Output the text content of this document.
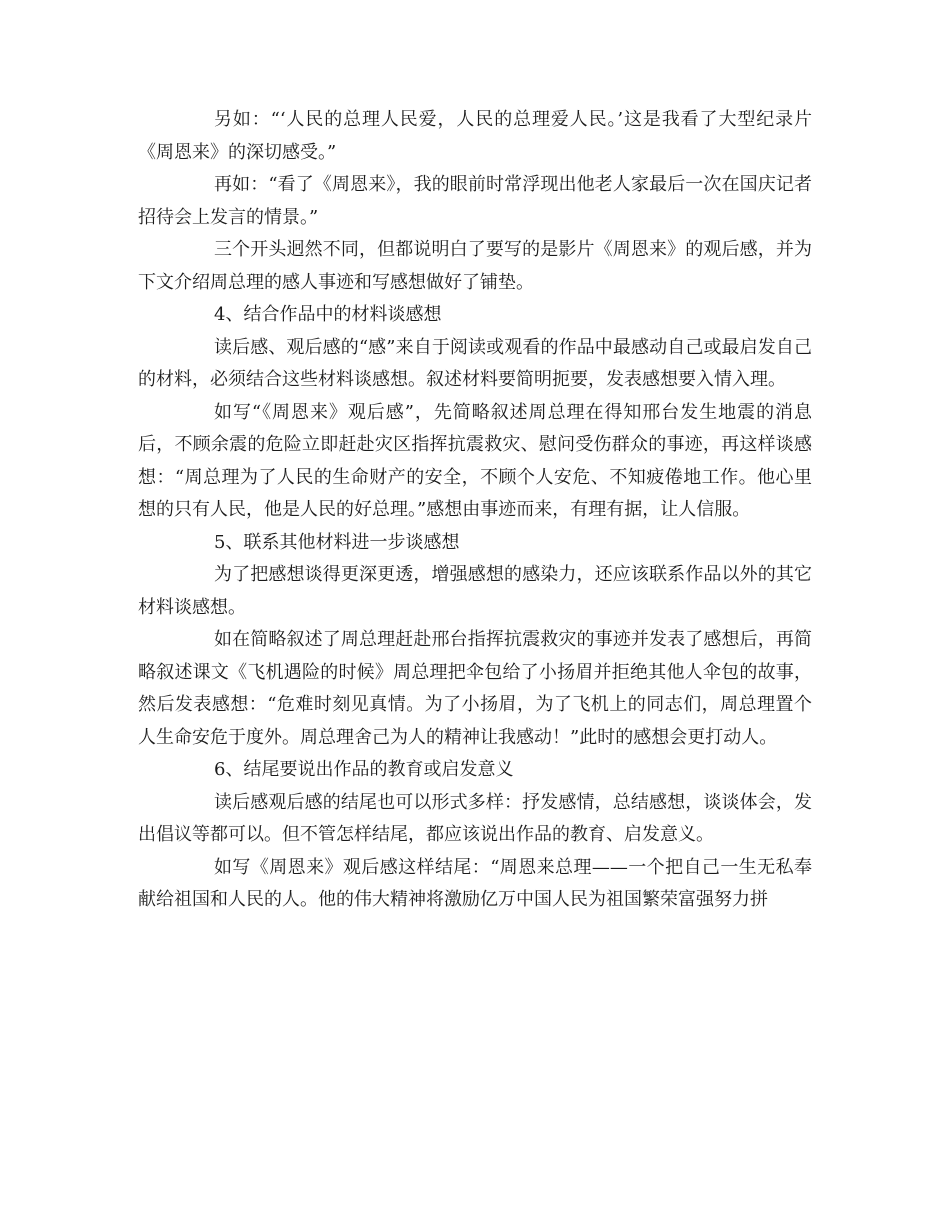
另如：“‘人民的总理人民爱，人民的总理爱人民。’这是我看了大型纪录片《周恩来》的深切感受。”

再如：“看了《周恩来》，我的眼前时常浮现出他老人家最后一次在国庆记者招待会上发言的情景。”

三个开头迥然不同，但都说明白了要写的是影片《周恩来》的观后感，并为下文介绍周总理的感人事迹和写感想做好了铺垫。

4、结合作品中的材料谈感想

读后感、观后感的“感”来自于阅读或观看的作品中最感动自己或最启发自己的材料，必须结合这些材料谈感想。叙述材料要简明扼要，发表感想要入情入理。

如写“《周恩来》观后感”，先简略叙述周总理在得知邢台发生地震的消息后，不顾余震的危险立即赶赴灾区指挥抗震救灾、慰问受伤群众的事迹，再这样谈感想：“周总理为了人民的生命财产的安全，不顾个人安危、不知疲倦地工作。他心里想的只有人民，他是人民的好总理。”感想由事迹而来，有理有据，让人信服。

5、联系其他材料进一步谈感想

为了把感想谈得更深更透，增强感想的感染力，还应该联系作品以外的其它材料谈感想。

如在简略叙述了周总理赶赴邢台指挥抗震救灾的事迹并发表了感想后，再简略叙述课文《飞机遇险的时候》周总理把伞包给了小扬眉并拒绝其他人伞包的故事，然后发表感想：“危难时刻见真情。为了小扬眉，为了飞机上的同志们，周总理置个人生命安危于度外。周总理舍己为人的精神让我感动！”此时的感想会更打动人。

6、结尾要说出作品的教育或启发意义

读后感观后感的结尾也可以形式多样：抒发感情，总结感想，谈谈体会，发出倡议等都可以。但不管怎样结尾，都应该说出作品的教育、启发意义。

如写《周恩来》观后感这样结尾：“周恩来总理——一个把自己一生无私奉献给祖国和人民的人。他的伟大精神将激励亿万中国人民为祖国繁荣富强努力拼
